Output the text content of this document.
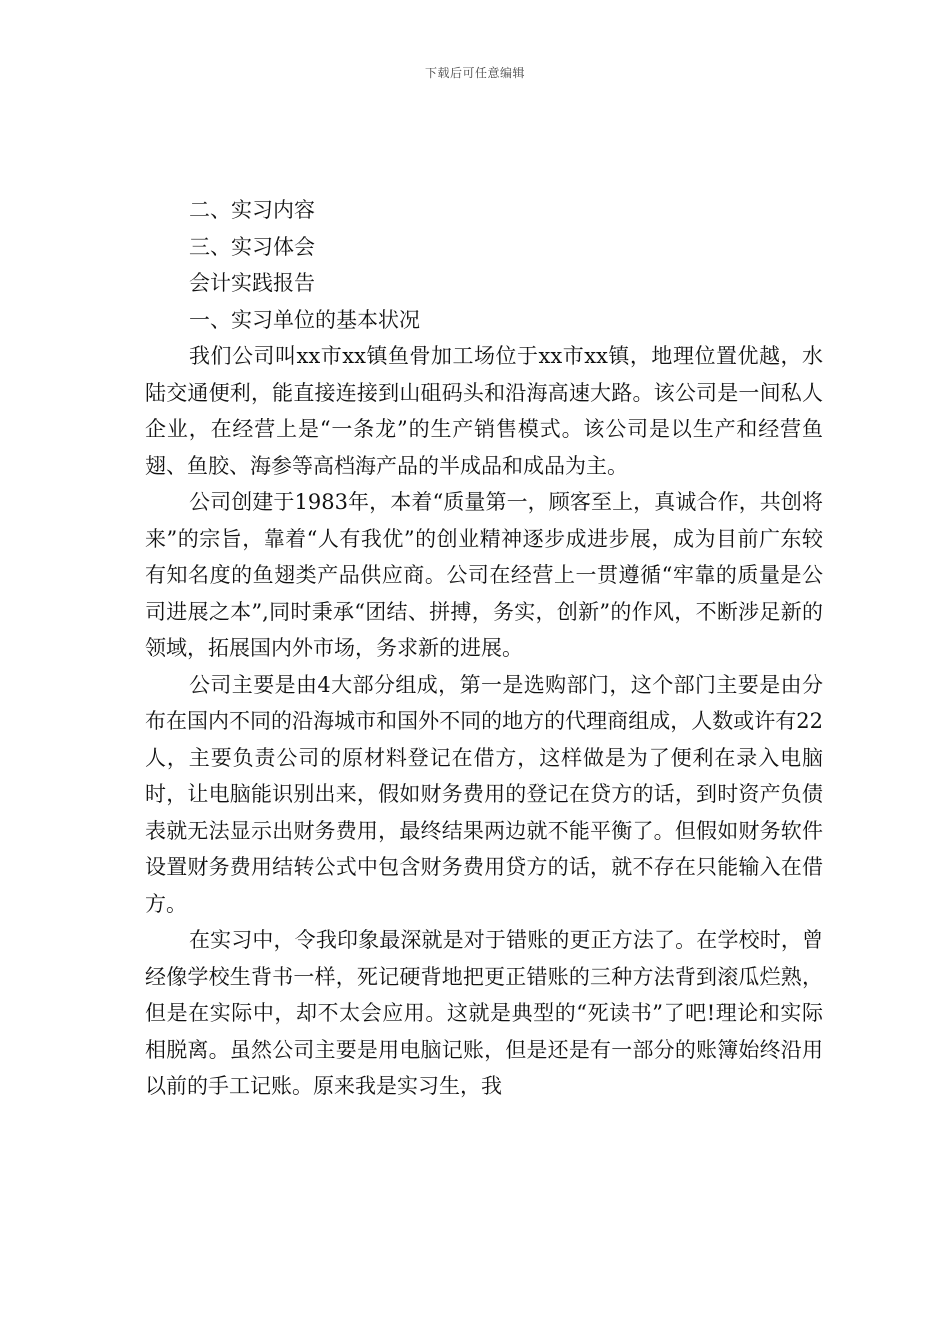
下载后可任意编辑

二、实习内容

三、实习体会

会计实践报告

一、实习单位的基本状况

我们公司叫xx市xx镇鱼骨加工场位于xx市xx镇，地理位置优越，水陆交通便利，能直接连接到山砠码头和沿海高速大路。该公司是一间私人企业，在经营上是“一条龙”的生产销售模式。该公司是以生产和经营鱼翅、鱼胶、海参等高档海产品的半成品和成品为主。

公司创建于1983年，本着“质量第一，顾客至上，真诚合作，共创将来”的宗旨，靠着“人有我优”的创业精神逐步成进步展，成为目前广东较有知名度的鱼翅类产品供应商。公司在经营上一贯遵循“牢靠的质量是公司进展之本”,同时秉承“团结、拼搏，务实，创新”的作风，不断涉足新的领域，拓展国内外市场，务求新的进展。

公司主要是由4大部分组成，第一是选购部门，这个部门主要是由分布在国内不同的沿海城市和国外不同的地方的代理商组成，人数或许有22人，主要负责公司的原材料登记在借方，这样做是为了便利在录入电脑时，让电脑能识别出来，假如财务费用的登记在贷方的话，到时资产负债表就无法显示出财务费用，最终结果两边就不能平衡了。但假如财务软件设置财务费用结转公式中包含财务费用贷方的话，就不存在只能输入在借方。

在实习中，令我印象最深就是对于错账的更正方法了。在学校时，曾经像学校生背书一样，死记硬背地把更正错账的三种方法背到滚瓜烂熟，但是在实际中，却不太会应用。这就是典型的“死读书”了吧!理论和实际相脱离。虽然公司主要是用电脑记账，但是还是有一部分的账簿始终沿用以前的手工记账。原来我是实习生，我
